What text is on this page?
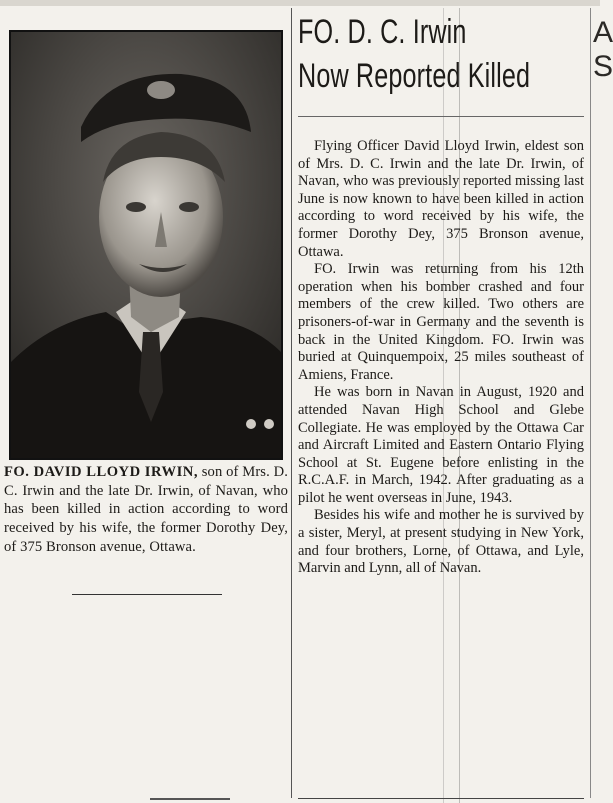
FO. DAVID LLOYD IRWIN, son of Mrs. D. C. Irwin and the late Dr. Irwin, of Navan, who has been killed in action according to word received by his wife, the former Dorothy Dey, of 375 Bronson avenue, Ottawa.
FO. D. C. Irwin
Now Reported Killed

Flying Officer David Lloyd Irwin, eldest son of Mrs. D. C. Irwin and the late Dr. Irwin, of Navan, who was previously reported missing last June is now known to have been killed in action according to word received by his wife, the former Dorothy Dey, 375 Bronson avenue, Ottawa.

FO. Irwin was returning from his 12th operation when his bomber crashed and four members of the crew killed. Two others are prisoners-of-war in Germany and the seventh is back in the United Kingdom. FO. Irwin was buried at Quinquempoix, 25 miles southeast of Amiens, France.

He was born in Navan in August, 1920 and attended Navan High School and Glebe Collegiate. He was employed by the Ottawa Car and Aircraft Limited and Eastern Ontario Flying School at St. Eugene before enlisting in the R.C.A.F. in March, 1942. After graduating as a pilot he went overseas in June, 1943.

Besides his wife and mother he is survived by a sister, Meryl, at present studying in New York, and four brothers, Lorne, of Ottawa, and Lyle, Marvin and Lynn, all of Navan.

A
S
